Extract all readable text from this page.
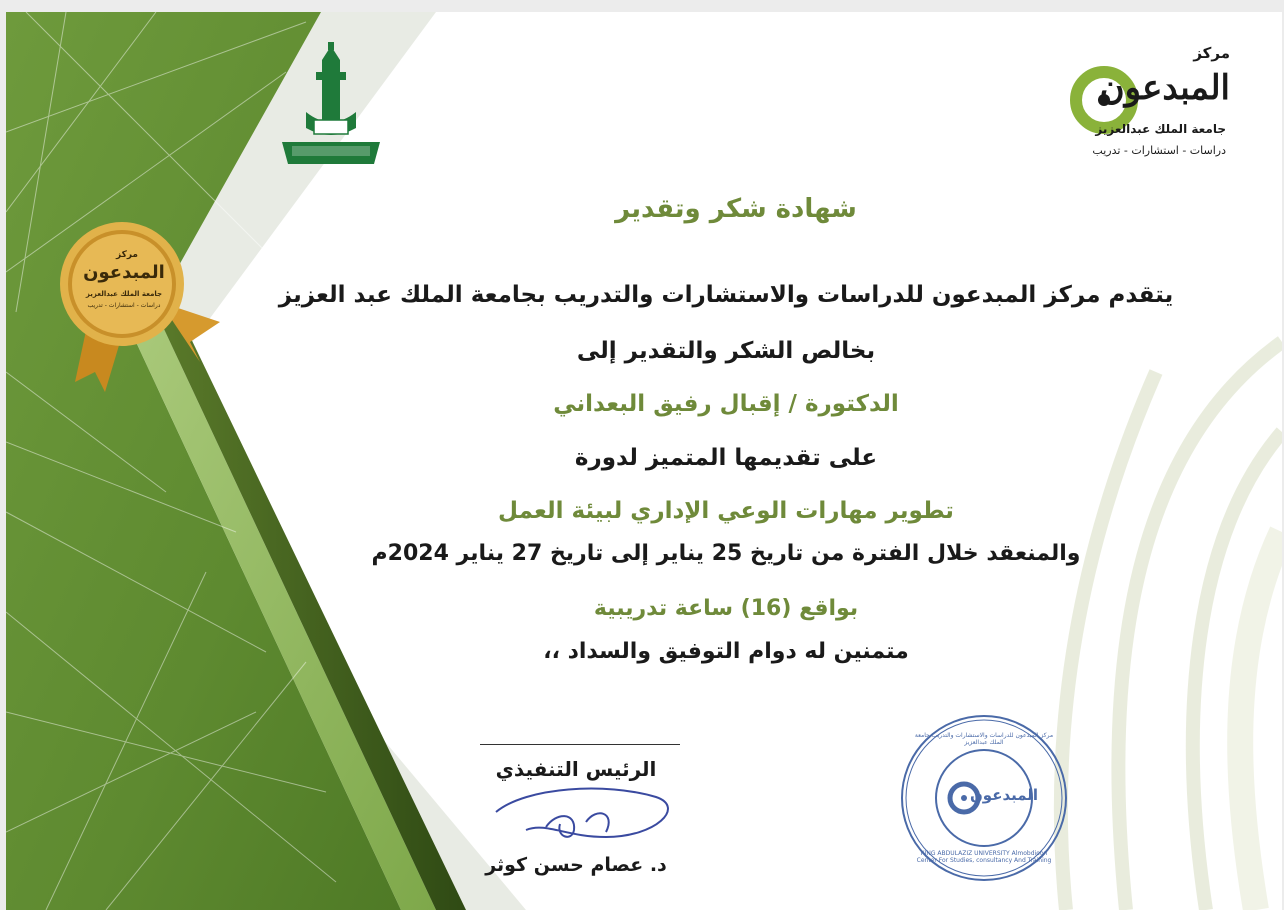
مركز
المبدعون
جامعة الملك عبدالعزيز
دراسات - استشارات - تدريب
مركز
المبدعون
جامعة الملك عبدالعزيز
دراسات - استشارات - تدريب
شهادة شكر وتقدير
يتقدم مركز المبدعون للدراسات والاستشارات والتدريب بجامعة الملك عبد العزيز
بخالص الشكر والتقدير إلى
الدكتورة / إقبال رفيق البعداني
على تقديمها المتميز لدورة
تطوير مهارات الوعي الإداري لبيئة العمل
والمنعقد خلال الفترة من تاريخ 25 يناير إلى تاريخ 27 يناير 2024م
بواقع (16) ساعة تدريبية
متمنين له دوام التوفيق والسداد ،،
الرئيس التنفيذي
د. عصام حسن كوثر
المبدعون
مركز المبدعون للدراسات والاستشارات والتدريب جامعة الملك عبدالعزيز
KING ABDULAZIZ UNIVERSITY Almobdioon Center For Studies, consultancy And Training
